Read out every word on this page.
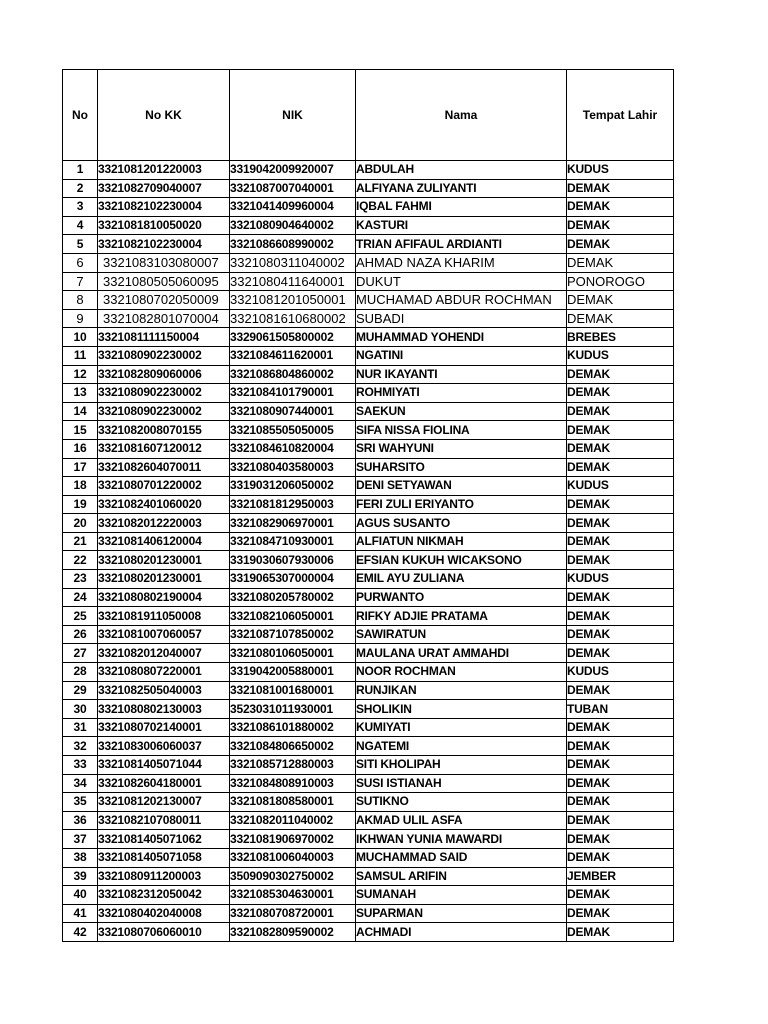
No	No KK	NIK	Nama	Tempat Lahir
1	3321081201220003	3319042009920007	ABDULAH	KUDUS
2	3321082709040007	3321087007040001	ALFIYANA ZULIYANTI	DEMAK
3	3321082102230004	3321041409960004	IQBAL FAHMI	DEMAK
4	3321081810050020	3321080904640002	KASTURI	DEMAK
5	3321082102230004	3321086608990002	TRIAN AFIFAUL ARDIANTI	DEMAK
6	3321083103080007	3321080311040002	AHMAD NAZA KHARIM	DEMAK
7	3321080505060095	3321080411640001	DUKUT	PONOROGO
8	3321080702050009	3321081201050001	MUCHAMAD ABDUR ROCHMAN	DEMAK
9	3321082801070004	3321081610680002	SUBADI	DEMAK
10	3321081111150004	3329061505800002	MUHAMMAD YOHENDI	BREBES
11	3321080902230002	3321084611620001	NGATINI	KUDUS
12	3321082809060006	3321086804860002	NUR IKAYANTI	DEMAK
13	3321080902230002	3321084101790001	ROHMIYATI	DEMAK
14	3321080902230002	3321080907440001	SAEKUN	DEMAK
15	3321082008070155	3321085505050005	SIFA NISSA FIOLINA	DEMAK
16	3321081607120012	3321084610820004	SRI WAHYUNI	DEMAK
17	3321082604070011	3321080403580003	SUHARSITO	DEMAK
18	3321080701220002	3319031206050002	DENI SETYAWAN	KUDUS
19	3321082401060020	3321081812950003	FERI ZULI ERIYANTO	DEMAK
20	3321082012220003	3321082906970001	AGUS SUSANTO	DEMAK
21	3321081406120004	3321084710930001	ALFIATUN NIKMAH	DEMAK
22	3321080201230001	3319030607930006	EFSIAN KUKUH WICAKSONO	DEMAK
23	3321080201230001	3319065307000004	EMIL AYU ZULIANA	KUDUS
24	3321080802190004	3321080205780002	PURWANTO	DEMAK
25	3321081911050008	3321082106050001	RIFKY ADJIE PRATAMA	DEMAK
26	3321081007060057	3321087107850002	SAWIRATUN	DEMAK
27	3321082012040007	3321080106050001	MAULANA URAT AMMAHDI	DEMAK
28	3321080807220001	3319042005880001	NOOR ROCHMAN	KUDUS
29	3321082505040003	3321081001680001	RUNJIKAN	DEMAK
30	3321080802130003	3523031011930001	SHOLIKIN	TUBAN
31	3321080702140001	3321086101880002	KUMIYATI	DEMAK
32	3321083006060037	3321084806650002	NGATEMI	DEMAK
33	3321081405071044	3321085712880003	SITI KHOLIPAH	DEMAK
34	3321082604180001	3321084808910003	SUSI ISTIANAH	DEMAK
35	3321081202130007	3321081808580001	SUTIKNO	DEMAK
36	3321082107080011	3321082011040002	AKMAD ULIL ASFA	DEMAK
37	3321081405071062	3321081906970002	IKHWAN YUNIA MAWARDI	DEMAK
38	3321081405071058	3321081006040003	MUCHAMMAD SAID	DEMAK
39	3321080911200003	3509090302750002	SAMSUL ARIFIN	JEMBER
40	3321082312050042	3321085304630001	SUMANAH	DEMAK
41	3321080402040008	3321080708720001	SUPARMAN	DEMAK
42	3321080706060010	3321082809590002	ACHMADI	DEMAK
